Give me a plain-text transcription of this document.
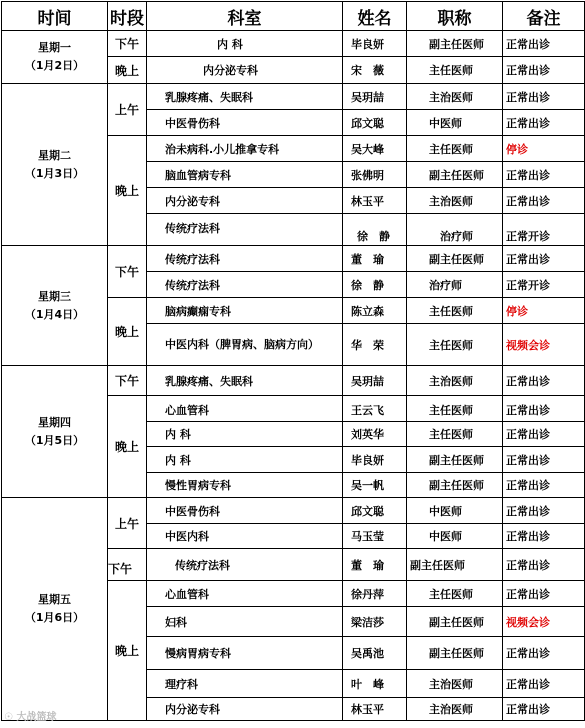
时间	时段	科室	姓名	职称	备注

星期一
（1月2日）	下午	内 科	毕良妍	副主任医师	正常出诊
	晚上	内分泌专科	宋　薇	主任医师	正常出诊

星期二
（1月3日）	上午	乳腺疼痛、失眠科	吴玥喆	主治医师	正常出诊
		中医骨伤科	邱文聪	中医师	正常出诊
	晚上	治未病科.小儿推拿专科	吴大峰	主任医师	停诊
		脑血管病专科	张佛明	副主任医师	正常出诊
		内分泌专科	林玉平	主治医师	正常出诊
		传统疗法科	徐　静	治疗师	正常开诊

星期三
（1月4日）	下午	传统疗法科	董　瑜	副主任医师	正常出诊
		传统疗法科	徐　静	治疗师	正常开诊
	晚上	脑病癫痫专科	陈立森	主任医师	停诊
		中医内科（脾胃病、脑病方向）	华　荣	主任医师	视频会诊

星期四
（1月5日）	下午	乳腺疼痛、失眠科	吴玥喆	主治医师	正常出诊
	晚上	心血管科	王云飞	主任医师	正常出诊
		内 科	刘英华	主任医师	正常出诊
		内 科	毕良妍	副主任医师	正常出诊
		慢性胃病专科	吴一帆	副主任医师	正常出诊

星期五
（1月6日）	上午	中医骨伤科	邱文聪	中医师	正常出诊
		中医内科	马玉莹	中医师	正常出诊
	下午	传统疗法科	董　瑜	副主任医师	正常出诊
	晚上	心血管科	徐丹萍	主任医师	正常出诊
		妇科	梁洁莎	副主任医师	视频会诊
		慢病胃病专科	吴禹池	副主任医师	正常出诊
		理疗科	叶　峰	主治医师	正常出诊
		内分泌专科	林玉平	主治医师	正常出诊
☉ 大战篮球
